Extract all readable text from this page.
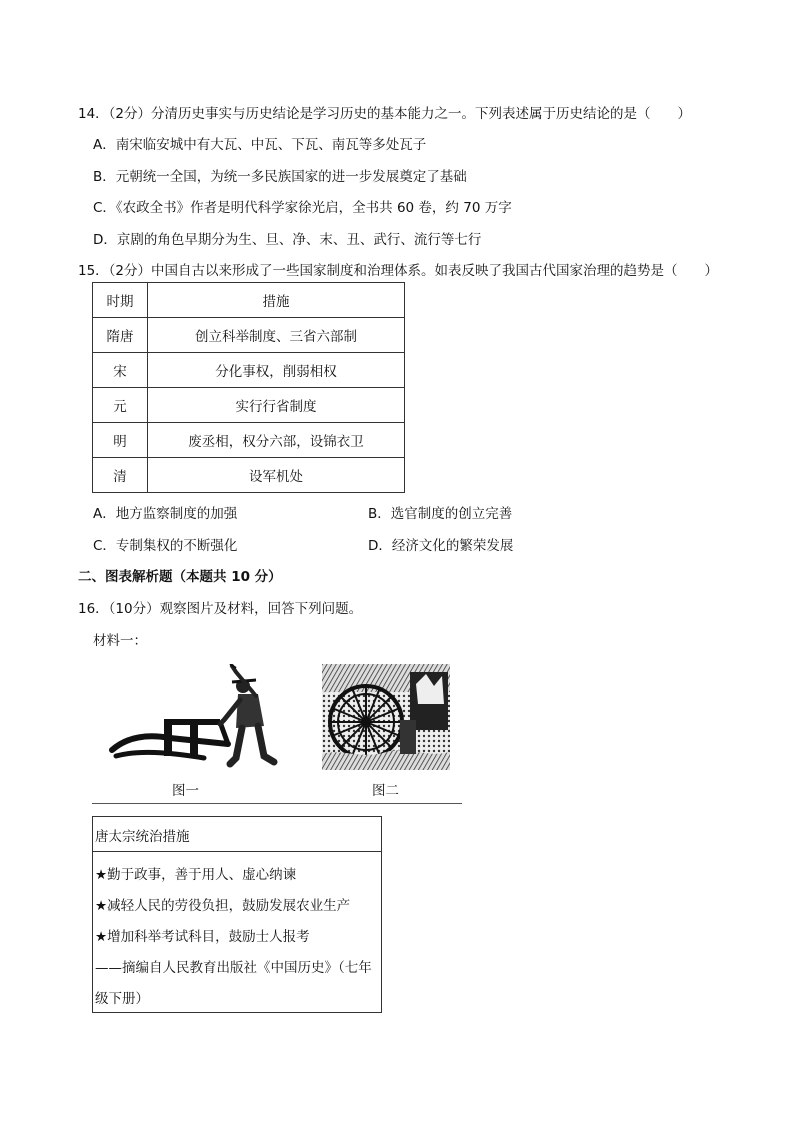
14．（2分）分清历史事实与历史结论是学习历史的基本能力之一。下列表述属于历史结论的是（　　）
A．南宋临安城中有大瓦、中瓦、下瓦、南瓦等多处瓦子
B．元朝统一全国，为统一多民族国家的进一步发展奠定了基础
C．《农政全书》作者是明代科学家徐光启，全书共 60 卷，约 70 万字
D．京剧的角色早期分为生、旦、净、末、丑、武行、流行等七行
15．（2分）中国自古以来形成了一些国家制度和治理体系。如表反映了我国古代国家治理的趋势是（　　）
时期	措施
隋唐	创立科举制度、三省六部制
宋	分化事权，削弱相权
元	实行行省制度
明	废丞相，权分六部，设锦衣卫
清	设军机处
A．地方监察制度的加强	B．选官制度的创立完善
C．专制集权的不断强化	D．经济文化的繁荣发展
二、图表解析题（本题共 10 分）
16．（10分）观察图片及材料，回答下列问题。
材料一：
图一	图二
唐太宗统治措施
★勤于政事，善于用人、虚心纳谏
★减轻人民的劳役负担，鼓励发展农业生产
★增加科举考试科目，鼓励士人报考
——摘编自人民教育出版社《中国历史》（七年
级下册）
